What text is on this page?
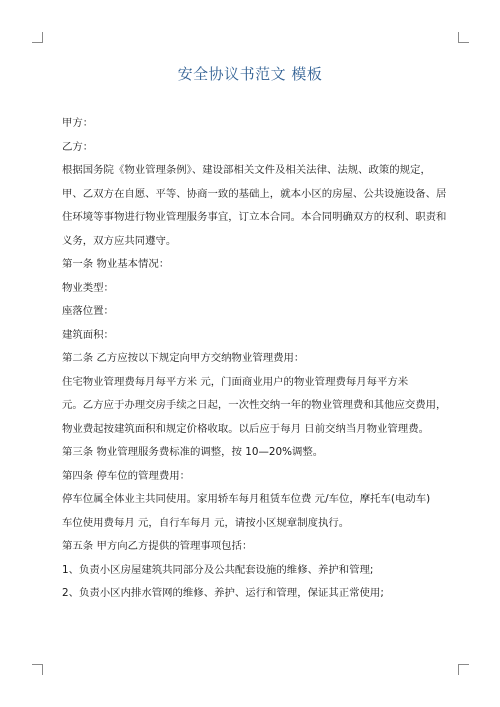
安全协议书范文 模板

甲方：

乙方：

根据国务院《物业管理条例》、建设部相关文件及相关法律、法规、政策的规定，

甲、乙双方在自愿、平等、协商一致的基础上，就本小区的房屋、公共设施设备、居

住环境等事物进行物业管理服务事宜，订立本合同。本合同明确双方的权利、职责和

义务，双方应共同遵守。

第一条 物业基本情况：

物业类型：

座落位置：

建筑面积：

第二条 乙方应按以下规定向甲方交纳物业管理费用：

住宅物业管理费每月每平方米 元，门面商业用户的物业管理费每月每平方米

元。乙方应于办理交房手续之日起，一次性交纳一年的物业管理费和其他应交费用，

物业费起按建筑面积和规定价格收取。以后应于每月 日前交纳当月物业管理费。

第三条 物业管理服务费标准的调整，按 10—20%调整。

第四条 停车位的管理费用：

停车位属全体业主共同使用。家用轿车每月租赁车位费 元/车位，摩托车(电动车)

车位使用费每月 元，自行车每月 元，请按小区规章制度执行。

第五条 甲方向乙方提供的管理事项包括：

1、负责小区房屋建筑共同部分及公共配套设施的维修、养护和管理;

2、负责小区内排水管网的维修、养护、运行和管理，保证其正常使用;
